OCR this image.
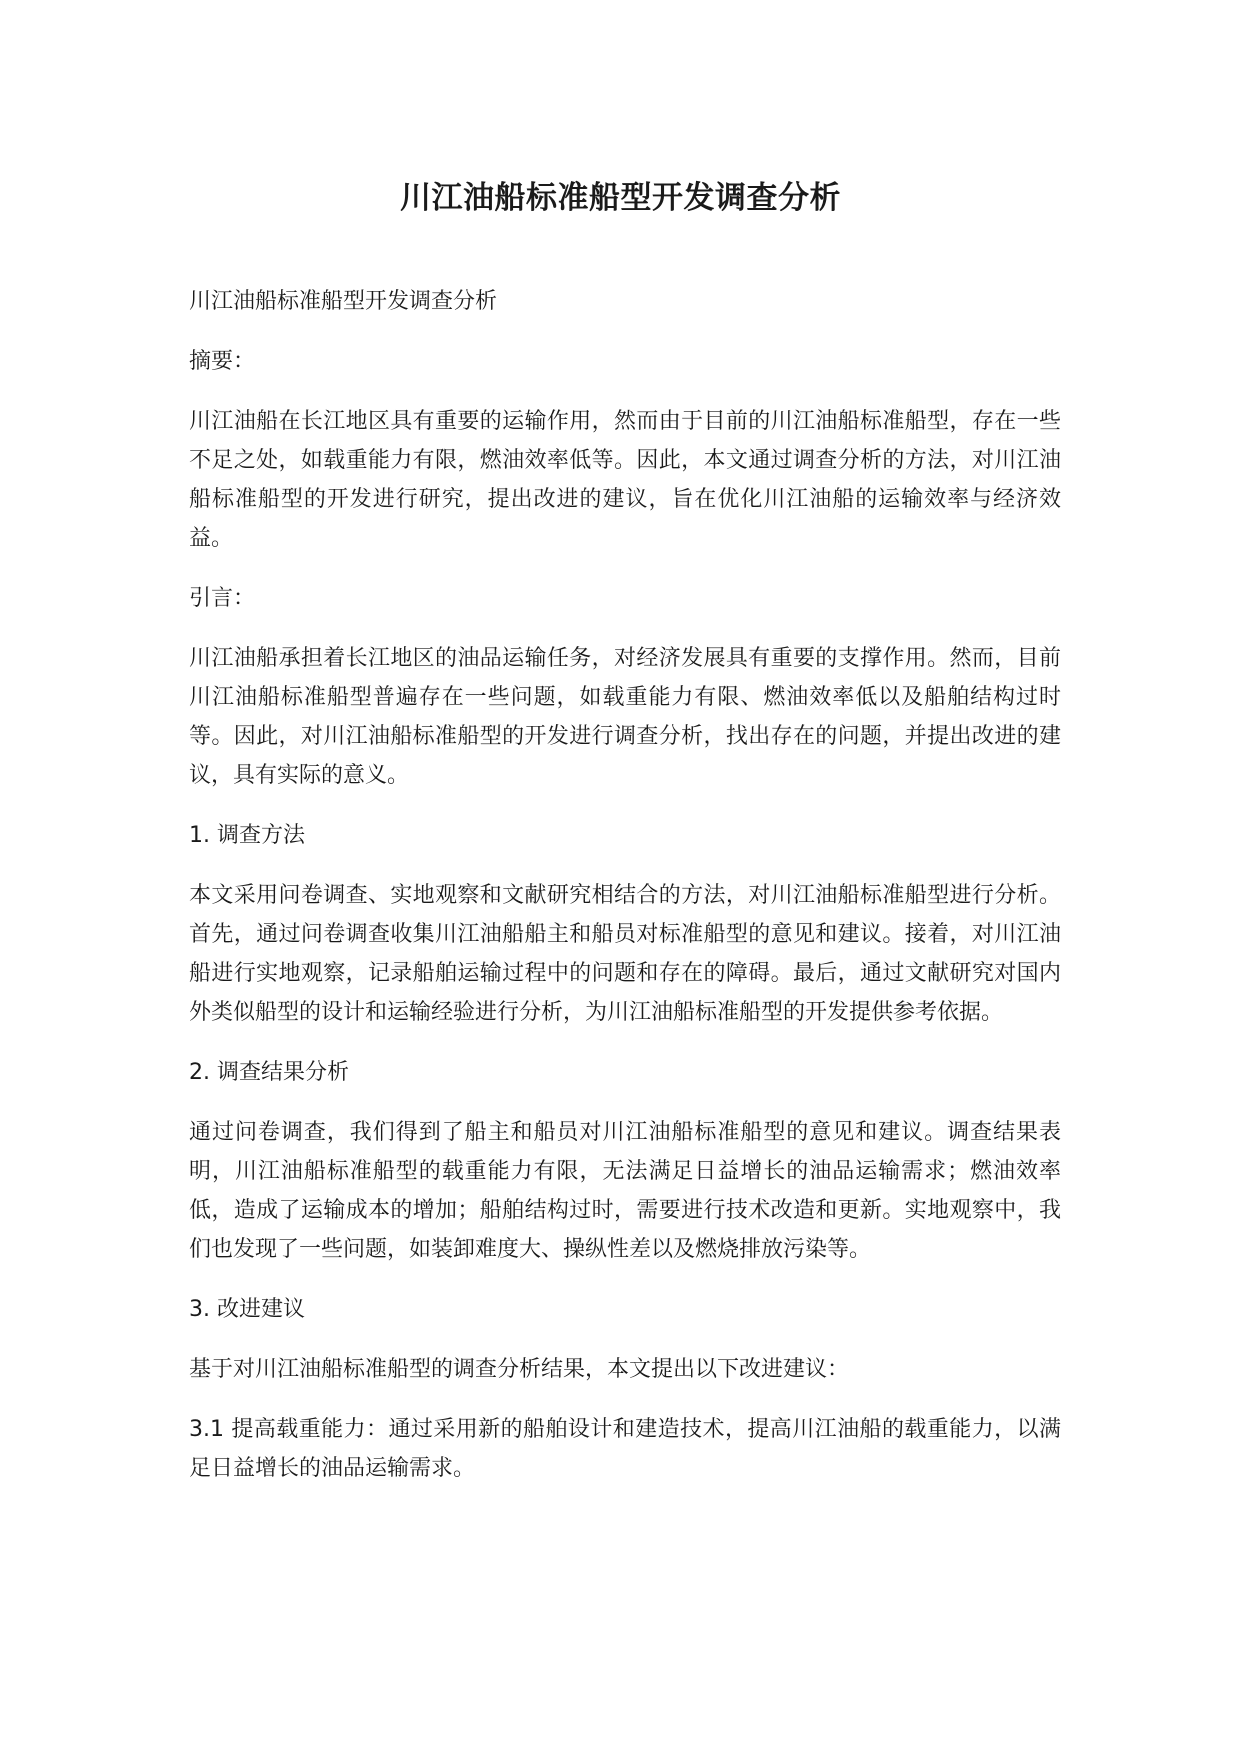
川江油船标准船型开发调查分析

川江油船标准船型开发调查分析

摘要：

川江油船在长江地区具有重要的运输作用，然而由于目前的川江油船标准船型，存在一些不足之处，如载重能力有限，燃油效率低等。因此，本文通过调查分析的方法，对川江油船标准船型的开发进行研究，提出改进的建议，旨在优化川江油船的运输效率与经济效益。

引言：

川江油船承担着长江地区的油品运输任务，对经济发展具有重要的支撑作用。然而，目前川江油船标准船型普遍存在一些问题，如载重能力有限、燃油效率低以及船舶结构过时等。因此，对川江油船标准船型的开发进行调查分析，找出存在的问题，并提出改进的建议，具有实际的意义。

1. 调查方法

本文采用问卷调查、实地观察和文献研究相结合的方法，对川江油船标准船型进行分析。首先，通过问卷调查收集川江油船船主和船员对标准船型的意见和建议。接着，对川江油船进行实地观察，记录船舶运输过程中的问题和存在的障碍。最后，通过文献研究对国内外类似船型的设计和运输经验进行分析，为川江油船标准船型的开发提供参考依据。

2. 调查结果分析

通过问卷调查，我们得到了船主和船员对川江油船标准船型的意见和建议。调查结果表明，川江油船标准船型的载重能力有限，无法满足日益增长的油品运输需求；燃油效率低，造成了运输成本的增加；船舶结构过时，需要进行技术改造和更新。实地观察中，我们也发现了一些问题，如装卸难度大、操纵性差以及燃烧排放污染等。

3. 改进建议

基于对川江油船标准船型的调查分析结果，本文提出以下改进建议：

3.1 提高载重能力：通过采用新的船舶设计和建造技术，提高川江油船的载重能力，以满足日益增长的油品运输需求。
